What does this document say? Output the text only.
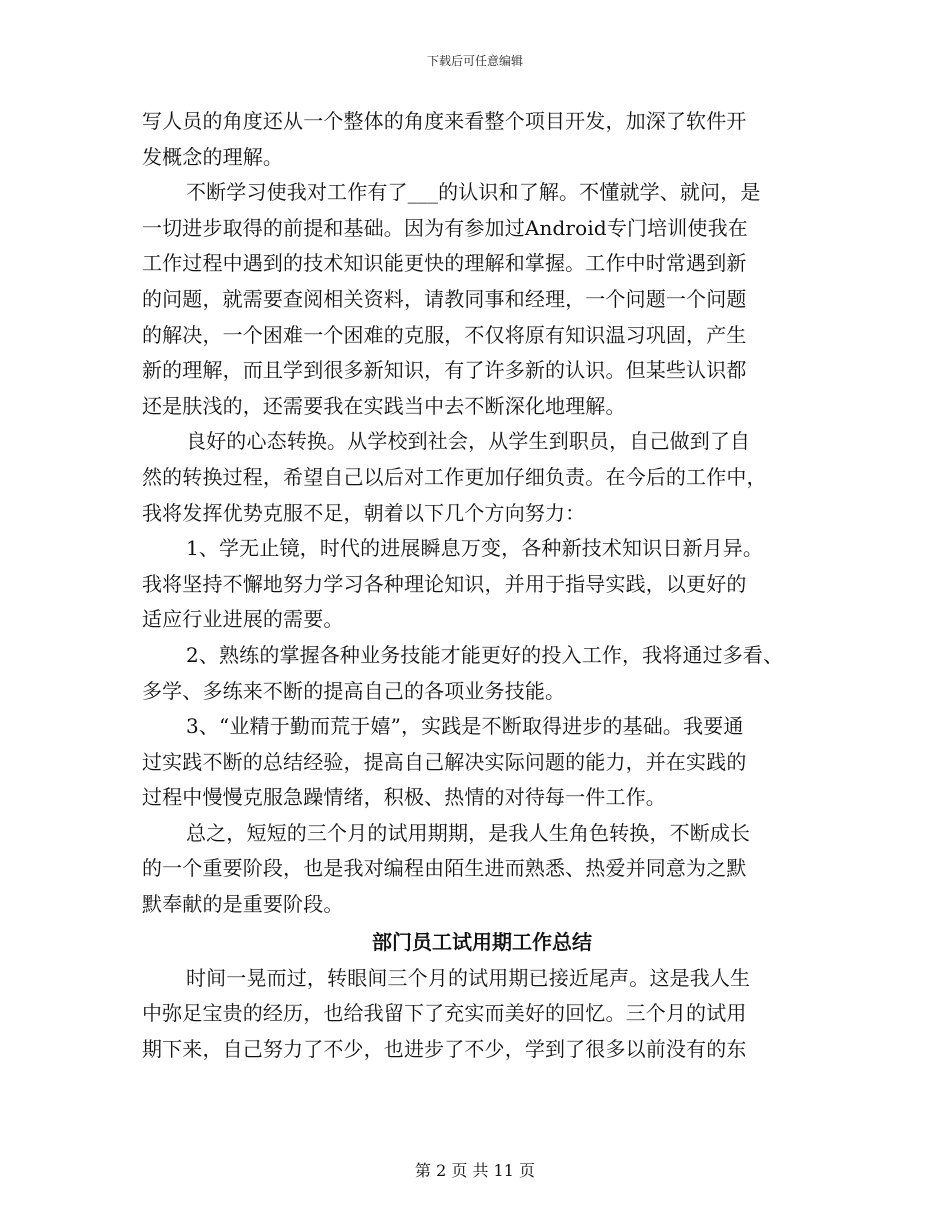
下载后可任意编辑
写人员的角度还从一个整体的角度来看整个项目开发，加深了软件开
发概念的理解。
不断学习使我对工作有了___的认识和了解。不懂就学、就问，是
一切进步取得的前提和基础。因为有参加过Android专门培训使我在
工作过程中遇到的技术知识能更快的理解和掌握。工作中时常遇到新
的问题，就需要查阅相关资料，请教同事和经理，一个问题一个问题
的解决，一个困难一个困难的克服，不仅将原有知识温习巩固，产生
新的理解，而且学到很多新知识，有了许多新的认识。但某些认识都
还是肤浅的，还需要我在实践当中去不断深化地理解。
良好的心态转换。从学校到社会，从学生到职员，自己做到了自
然的转换过程，希望自己以后对工作更加仔细负责。在今后的工作中，
我将发挥优势克服不足，朝着以下几个方向努力：
1、学无止镜，时代的进展瞬息万变，各种新技术知识日新月异。
我将坚持不懈地努力学习各种理论知识，并用于指导实践，以更好的
适应行业进展的需要。
2、熟练的掌握各种业务技能才能更好的投入工作，我将通过多看、
多学、多练来不断的提高自己的各项业务技能。
3、“业精于勤而荒于嬉”，实践是不断取得进步的基础。我要通
过实践不断的总结经验，提高自己解决实际问题的能力，并在实践的
过程中慢慢克服急躁情绪，积极、热情的对待每一件工作。
总之，短短的三个月的试用期期，是我人生角色转换，不断成长
的一个重要阶段，也是我对编程由陌生进而熟悉、热爱并同意为之默
默奉献的是重要阶段。
部门员工试用期工作总结
时间一晃而过，转眼间三个月的试用期已接近尾声。这是我人生
中弥足宝贵的经历，也给我留下了充实而美好的回忆。三个月的试用
期下来，自己努力了不少，也进步了不少，学到了很多以前没有的东
第 2 页 共 11 页
